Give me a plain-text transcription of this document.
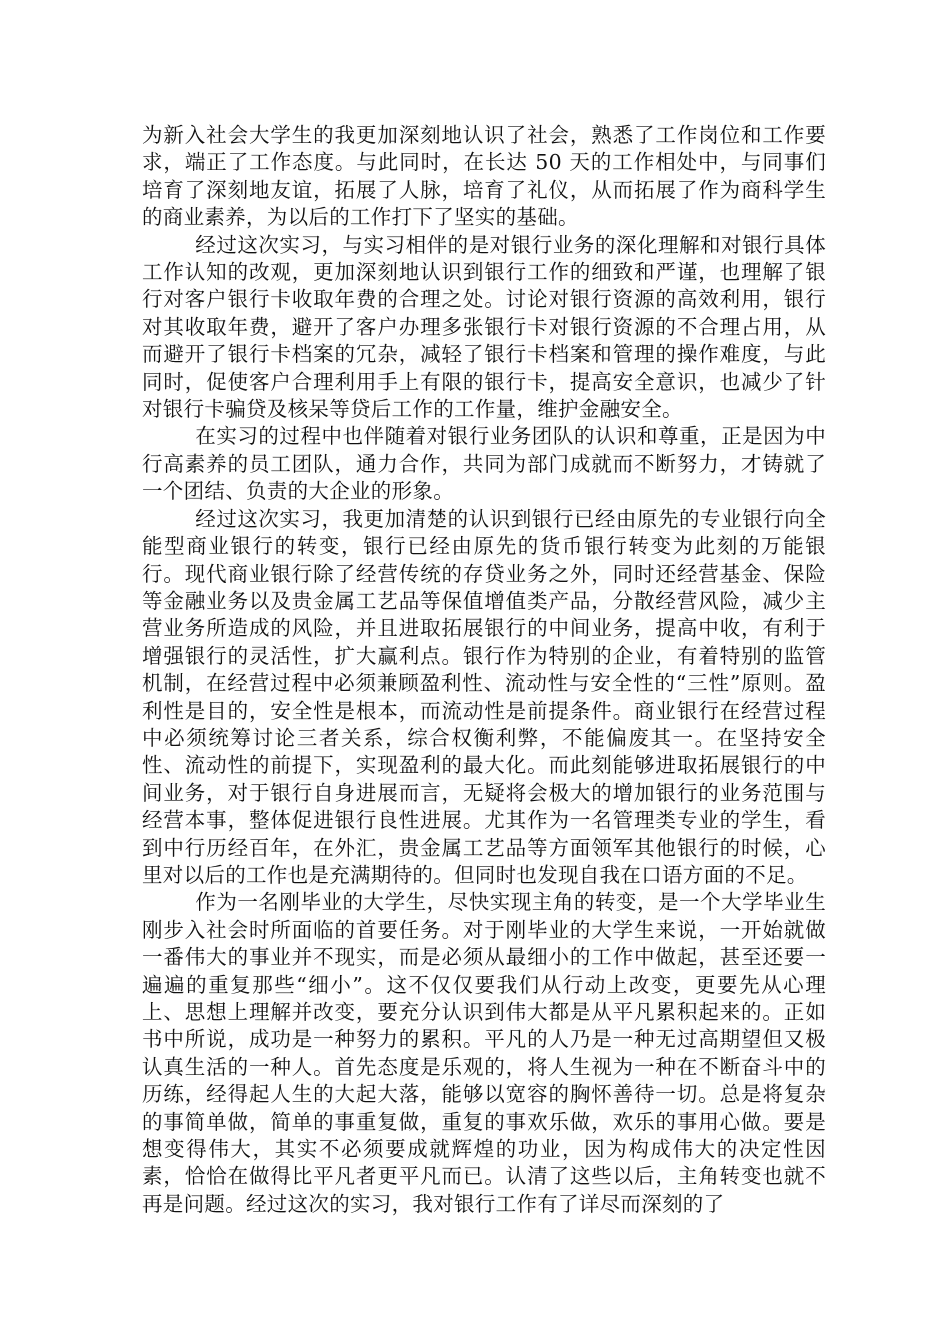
为新入社会大学生的我更加深刻地认识了社会，熟悉了工作岗位和工作要求，端正了工作态度。与此同时，在长达 50 天的工作相处中，与同事们培育了深刻地友谊，拓展了人脉，培育了礼仪，从而拓展了作为商科学生的商业素养，为以后的工作打下了坚实的基础。

经过这次实习，与实习相伴的是对银行业务的深化理解和对银行具体工作认知的改观，更加深刻地认识到银行工作的细致和严谨，也理解了银行对客户银行卡收取年费的合理之处。讨论对银行资源的高效利用，银行对其收取年费，避开了客户办理多张银行卡对银行资源的不合理占用，从而避开了银行卡档案的冗杂，减轻了银行卡档案和管理的操作难度，与此同时，促使客户合理利用手上有限的银行卡，提高安全意识，也减少了针对银行卡骗贷及核呆等贷后工作的工作量，维护金融安全。

在实习的过程中也伴随着对银行业务团队的认识和尊重，正是因为中行高素养的员工团队，通力合作，共同为部门成就而不断努力，才铸就了一个团结、负责的大企业的形象。

经过这次实习，我更加清楚的认识到银行已经由原先的专业银行向全能型商业银行的转变，银行已经由原先的货币银行转变为此刻的万能银行。现代商业银行除了经营传统的存贷业务之外，同时还经营基金、保险等金融业务以及贵金属工艺品等保值增值类产品，分散经营风险，减少主营业务所造成的风险，并且进取拓展银行的中间业务，提高中收，有利于增强银行的灵活性，扩大赢利点。银行作为特别的企业，有着特别的监管机制，在经营过程中必须兼顾盈利性、流动性与安全性的“三性”原则。盈利性是目的，安全性是根本，而流动性是前提条件。商业银行在经营过程中必须统筹讨论三者关系，综合权衡利弊，不能偏废其一。在坚持安全性、流动性的前提下，实现盈利的最大化。而此刻能够进取拓展银行的中间业务，对于银行自身进展而言，无疑将会极大的增加银行的业务范围与经营本事，整体促进银行良性进展。尤其作为一名管理类专业的学生，看到中行历经百年，在外汇，贵金属工艺品等方面领军其他银行的时候，心里对以后的工作也是充满期待的。但同时也发现自我在口语方面的不足。

作为一名刚毕业的大学生，尽快实现主角的转变，是一个大学毕业生刚步入社会时所面临的首要任务。对于刚毕业的大学生来说，一开始就做一番伟大的事业并不现实，而是必须从最细小的工作中做起，甚至还要一遍遍的重复那些“细小”。这不仅仅要我们从行动上改变，更要先从心理上、思想上理解并改变，要充分认识到伟大都是从平凡累积起来的。正如书中所说，成功是一种努力的累积。平凡的人乃是一种无过高期望但又极认真生活的一种人。首先态度是乐观的，将人生视为一种在不断奋斗中的历练，经得起人生的大起大落，能够以宽容的胸怀善待一切。总是将复杂的事简单做，简单的事重复做，重复的事欢乐做，欢乐的事用心做。要是想变得伟大，其实不必须要成就辉煌的功业，因为构成伟大的决定性因素，恰恰在做得比平凡者更平凡而已。认清了这些以后，主角转变也就不再是问题。经过这次的实习，我对银行工作有了详尽而深刻的了
